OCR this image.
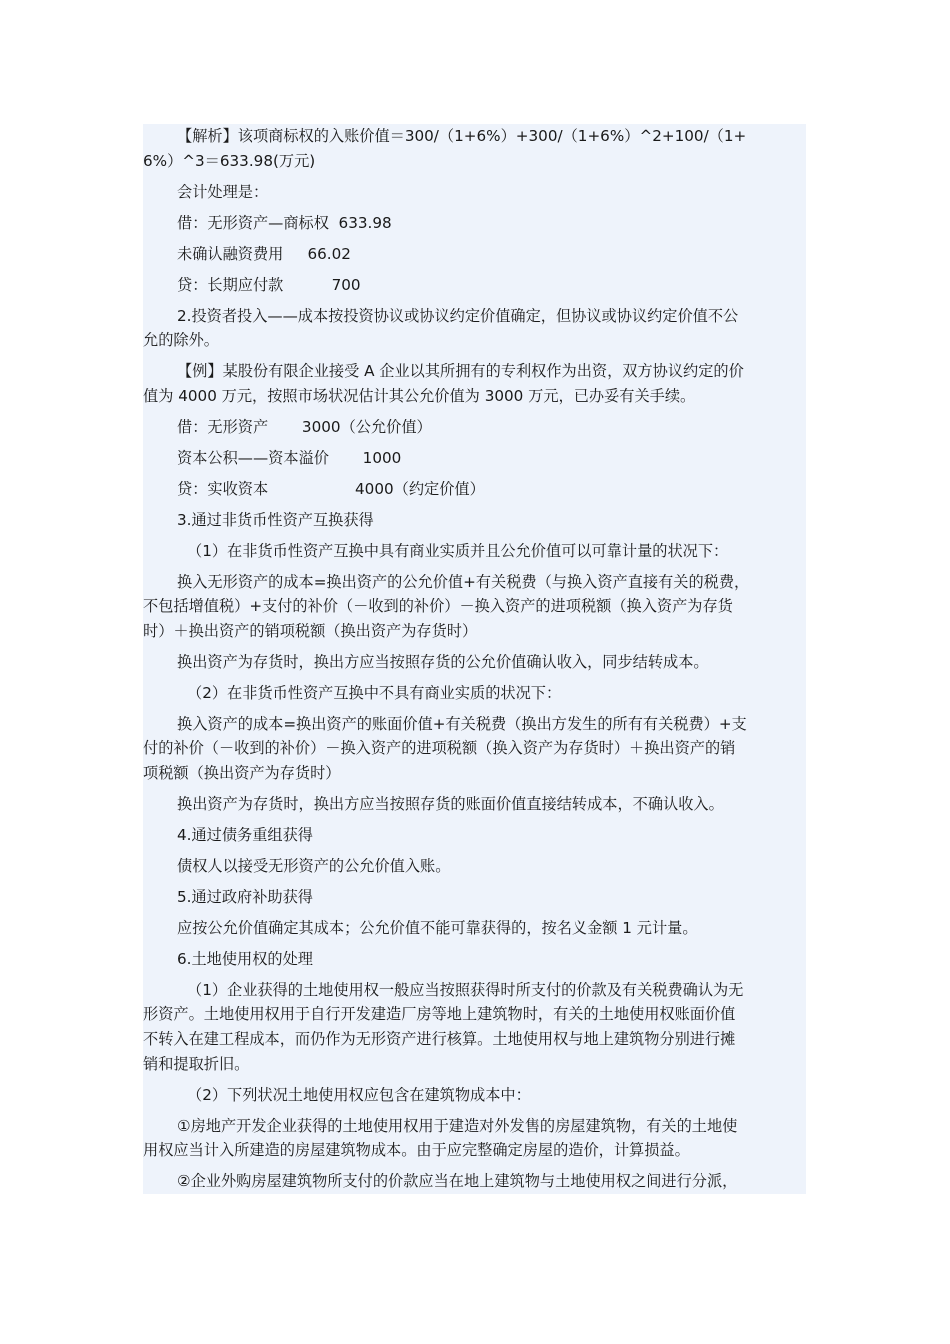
【解析】该项商标权的入账价值＝300/（1+6%）+300/（1+6%）^2+100/（1+
6%）^3＝633.98(万元)
会计处理是：
借：无形资产—商标权  633.98
未确认融资费用     66.02
贷：长期应付款          700
2.投资者投入——成本按投资协议或协议约定价值确定，但协议或协议约定价值不公
允的除外。
【例】某股份有限企业接受 A 企业以其所拥有的专利权作为出资，双方协议约定的价
值为 4000 万元，按照市场状况估计其公允价值为 3000 万元，已办妥有关手续。
借：无形资产       3000（公允价值）
资本公积——资本溢价       1000
贷：实收资本                  4000（约定价值）
3.通过非货币性资产互换获得
（1）在非货币性资产互换中具有商业实质并且公允价值可以可靠计量的状况下：
换入无形资产的成本=换出资产的公允价值+有关税费（与换入资产直接有关的税费，
不包括增值税）+支付的补价（－收到的补价）－换入资产的进项税额（换入资产为存货
时）＋换出资产的销项税额（换出资产为存货时）
换出资产为存货时，换出方应当按照存货的公允价值确认收入，同步结转成本。
（2）在非货币性资产互换中不具有商业实质的状况下：
换入资产的成本=换出资产的账面价值+有关税费（换出方发生的所有有关税费）+支
付的补价（－收到的补价）－换入资产的进项税额（换入资产为存货时）＋换出资产的销
项税额（换出资产为存货时）
换出资产为存货时，换出方应当按照存货的账面价值直接结转成本，不确认收入。
4.通过债务重组获得
债权人以接受无形资产的公允价值入账。
5.通过政府补助获得
应按公允价值确定其成本；公允价值不能可靠获得的，按名义金额 1 元计量。
6.土地使用权的处理
（1）企业获得的土地使用权一般应当按照获得时所支付的价款及有关税费确认为无
形资产。土地使用权用于自行开发建造厂房等地上建筑物时，有关的土地使用权账面价值
不转入在建工程成本，而仍作为无形资产进行核算。土地使用权与地上建筑物分别进行摊
销和提取折旧。
（2）下列状况土地使用权应包含在建筑物成本中：
①房地产开发企业获得的土地使用权用于建造对外发售的房屋建筑物，有关的土地使
用权应当计入所建造的房屋建筑物成本。由于应完整确定房屋的造价，计算损益。
②企业外购房屋建筑物所支付的价款应当在地上建筑物与土地使用权之间进行分派，
